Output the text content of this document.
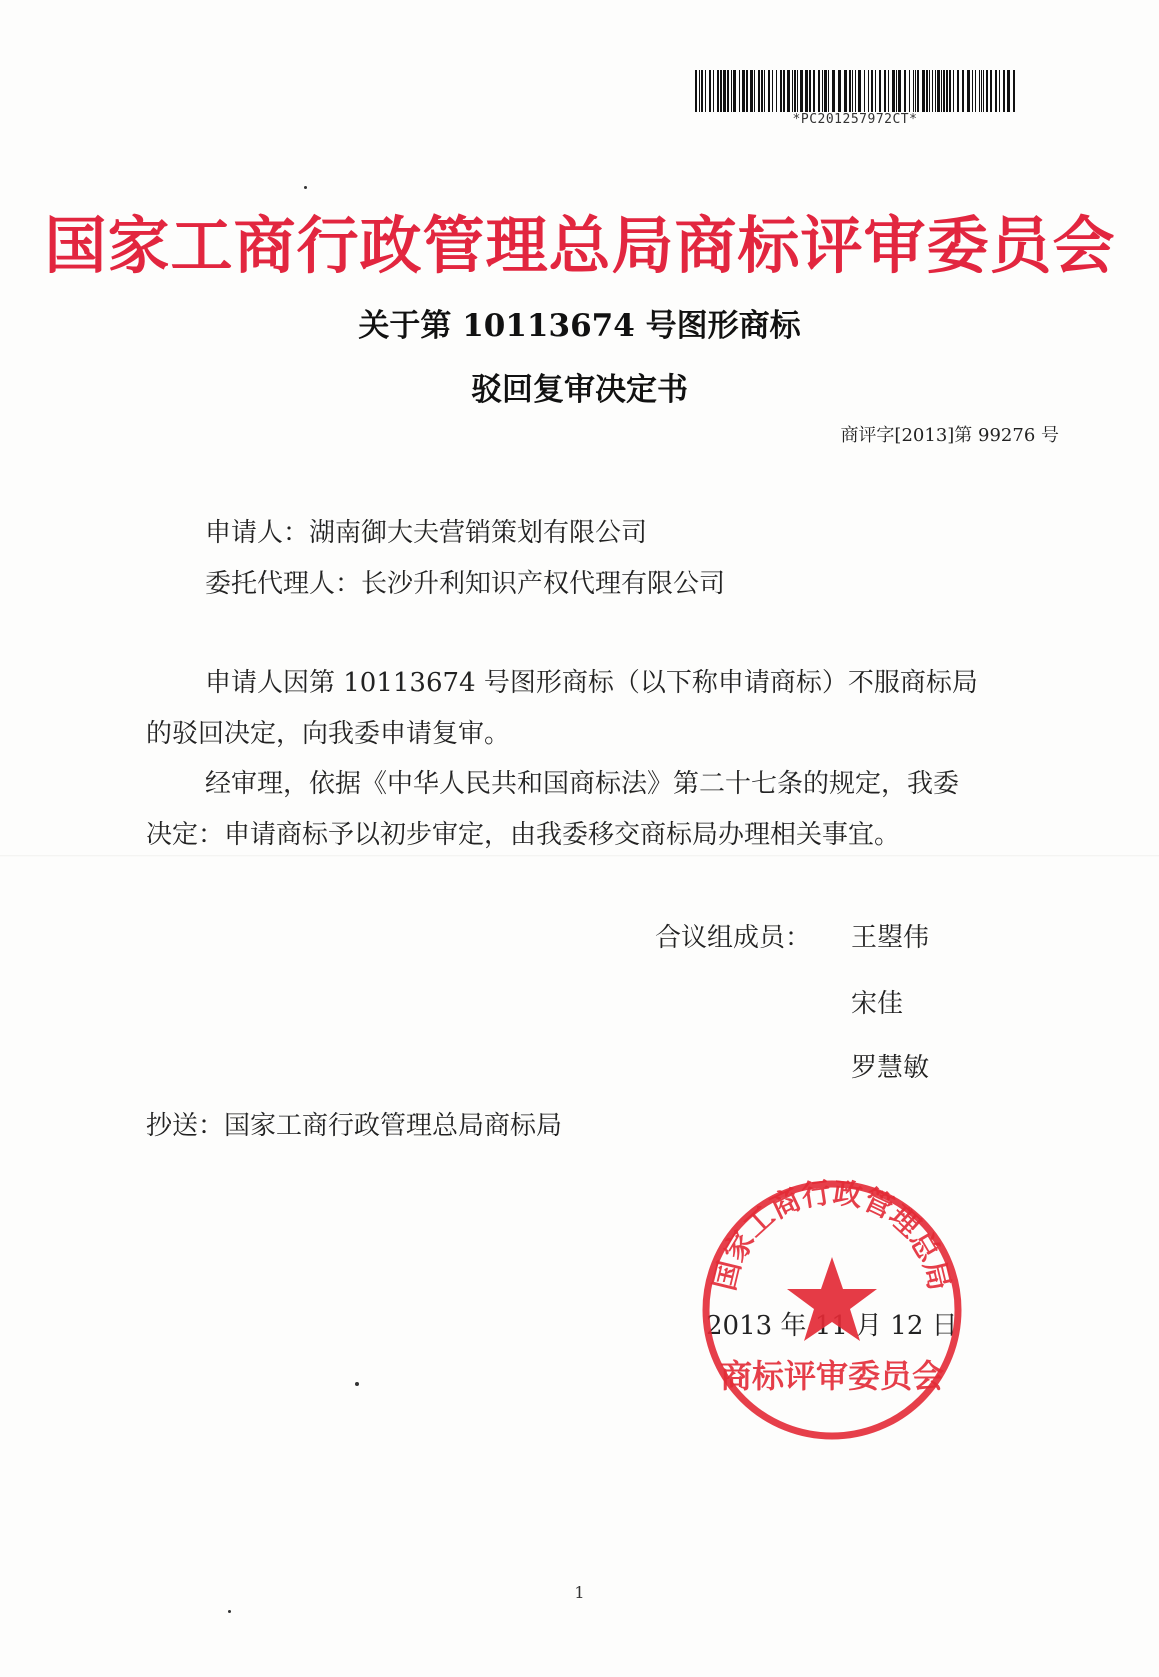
*PC201257972CT*
国家工商行政管理总局商标评审委员会
关于第 10113674 号图形商标
驳回复审决定书
商评字[2013]第 99276 号
申请人：湖南御大夫营销策划有限公司
委托代理人：长沙升利知识产权代理有限公司
申请人因第 10113674 号图形商标（以下称申请商标）不服商标局
的驳回决定，向我委申请复审。
经审理，依据《中华人民共和国商标法》第二十七条的规定，我委
决定：申请商标予以初步审定，由我委移交商标局办理相关事宜。
合议组成员： 王曌伟
宋佳
罗慧敏
抄送：国家工商行政管理总局商标局
2013 年 11 月 12 日
国家工商行政管理总局
商标评审委员会
1
